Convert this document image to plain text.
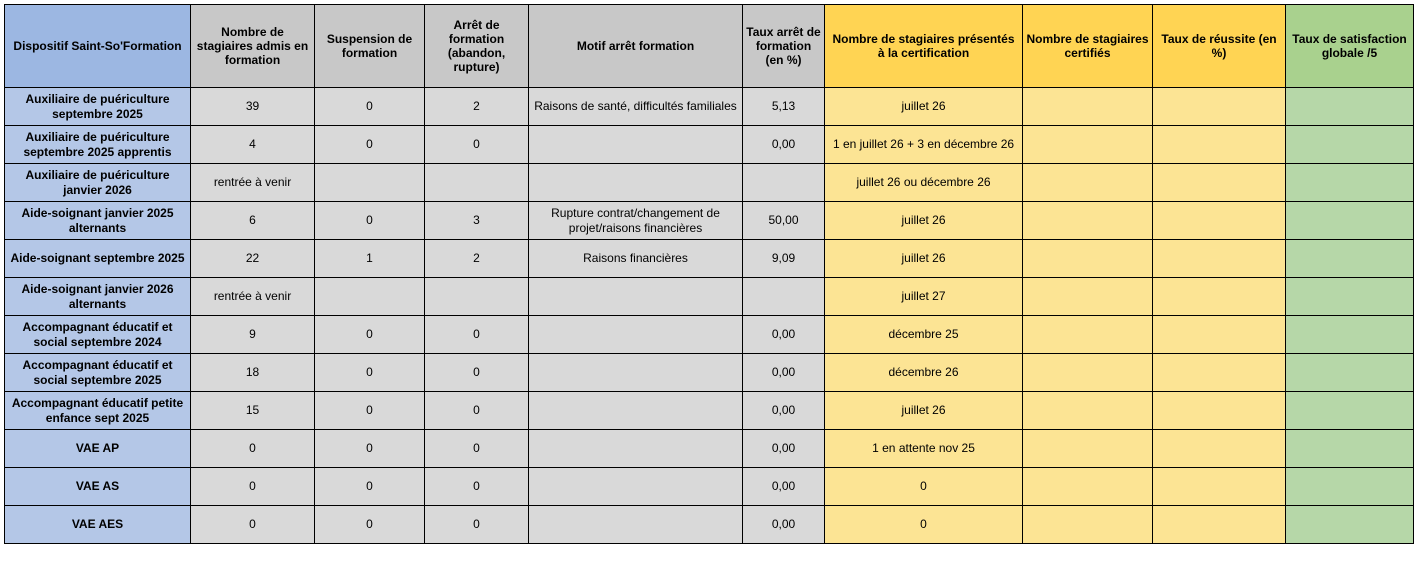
Dispositif Saint-So'Formation	Nombre de stagiaires admis en formation	Suspension de formation	Arrêt de formation (abandon, rupture)	Motif arrêt formation	Taux arrêt de formation (en %)	Nombre de stagiaires présentés à la certification	Nombre de stagiaires certifiés	Taux de réussite (en %)	Taux de satisfaction globale /5
Auxiliaire de puériculture septembre 2025	39	0	2	Raisons de santé, difficultés familiales	5,13	juillet 26			
Auxiliaire de puériculture septembre 2025 apprentis	4	0	0		0,00	1 en juillet 26 + 3 en décembre 26			
Auxiliaire de puériculture janvier 2026	rentrée à venir					juillet 26 ou décembre 26			
Aide-soignant janvier 2025 alternants	6	0	3	Rupture contrat/changement de projet/raisons financières	50,00	juillet 26			
Aide-soignant septembre 2025	22	1	2	Raisons financières	9,09	juillet 26			
Aide-soignant janvier 2026 alternants	rentrée à venir					juillet 27			
Accompagnant éducatif et social septembre 2024	9	0	0		0,00	décembre 25			
Accompagnant éducatif et social septembre 2025	18	0	0		0,00	décembre 26			
Accompagnant éducatif petite enfance sept 2025	15	0	0		0,00	juillet 26			
VAE AP	0	0	0		0,00	1 en attente nov 25			
VAE AS	0	0	0		0,00	0			
VAE AES	0	0	0		0,00	0			
